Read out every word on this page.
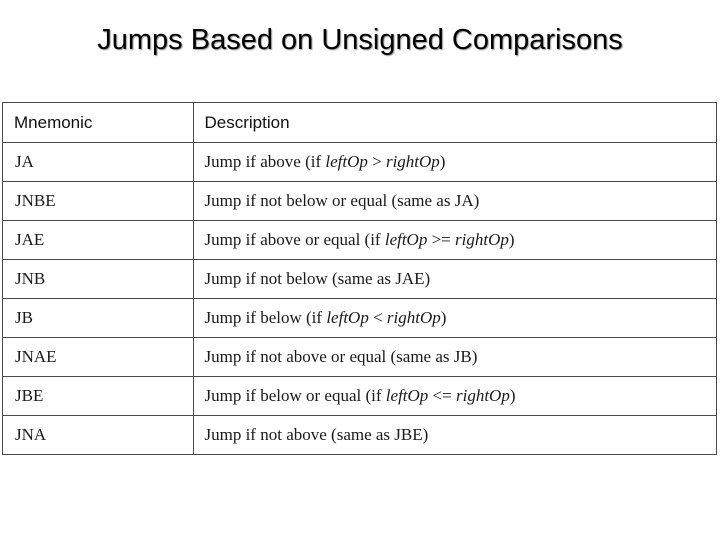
Jumps Based on Unsigned Comparisons
Mnemonic	Description
JA	Jump if above (if leftOp > rightOp)
JNBE	Jump if not below or equal (same as JA)
JAE	Jump if above or equal (if leftOp >= rightOp)
JNB	Jump if not below (same as JAE)
JB	Jump if below (if leftOp < rightOp)
JNAE	Jump if not above or equal (same as JB)
JBE	Jump if below or equal (if leftOp <= rightOp)
JNA	Jump if not above (same as JBE)
